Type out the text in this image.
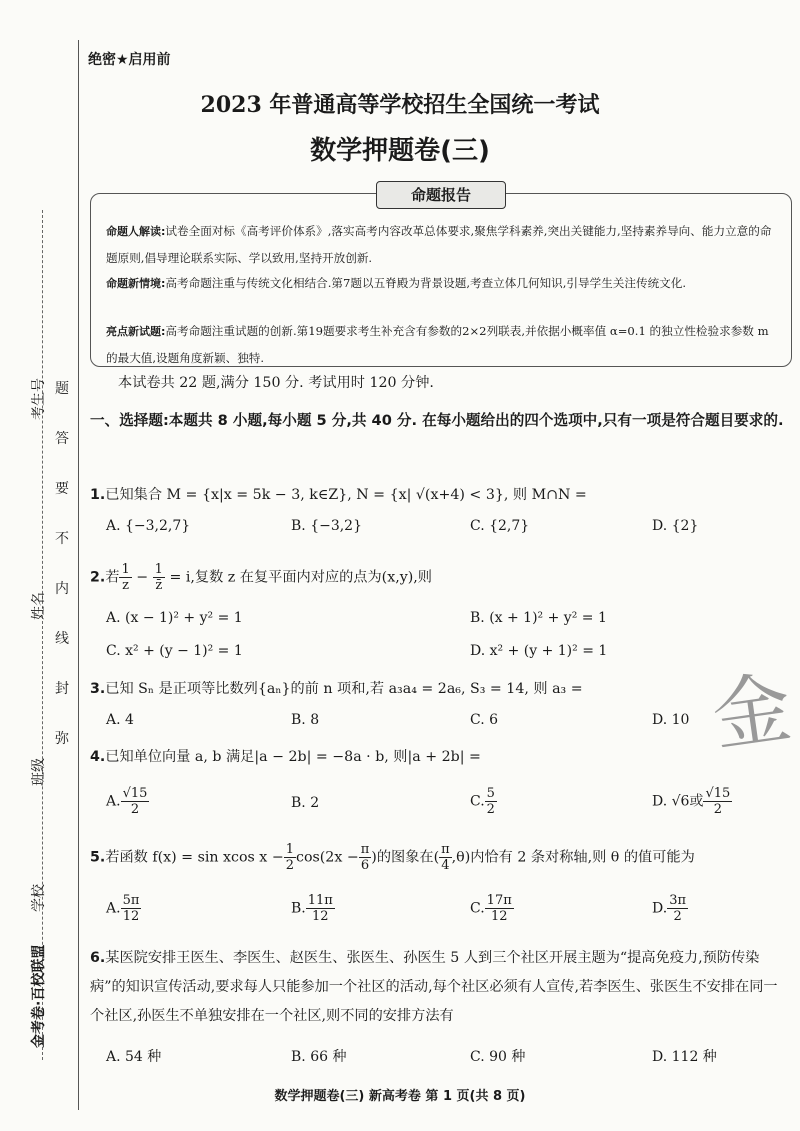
考生号
姓名
班级
学校
金考卷·百校联盟
题
答
要
不
内
线
封
弥
绝密★启用前
2023 年普通高等学校招生全国统一考试
数学押题卷(三)
命题报告
命题人解读:试卷全面对标《高考评价体系》,落实高考内容改革总体要求,聚焦学科素养,突出关键能力,坚持素养导向、能力立意的命题原则,倡导理论联系实际、学以致用,坚持开放创新.
命题新情境:高考命题注重与传统文化相结合.第7题以五脊殿为背景设题,考查立体几何知识,引导学生关注传统文化.
亮点新试题:高考命题注重试题的创新.第19题要求考生补充含有参数的2×2列联表,并依据小概率值 α=0.1 的独立性检验求参数 m 的最大值,设题角度新颖、独特.
本试卷共 22 题,满分 150 分. 考试用时 120 分钟.
一、选择题:本题共 8 小题,每小题 5 分,共 40 分. 在每小题给出的四个选项中,只有一项是符合题目要求的.
1.已知集合 M = {x|x = 5k − 3, k∈Z}, N = {x| √(x+4) < 3}, 则 M∩N =
A. {−3,2,7}	B. {−3,2}	C. {2,7}	D. {2}
2.若 $\frac{1}{z} - \frac{1}{z̄} = i$,复数 z 在复平面内对应的点为(x,y),则
A. (x − 1)² + y² = 1	B. (x + 1)² + y² = 1
C. x² + (y − 1)² = 1	D. x² + (y + 1)² = 1
3.已知 Sₙ 是正项等比数列{aₙ}的前 n 项和,若 a₃a₄ = 2a₆, S₃ = 14, 则 a₃ =
A. 4	B. 8	C. 6	D. 10
4.已知单位向量 a, b 满足|a − 2b| = −8a · b, 则|a + 2b| =
A. $\frac{√15}{2}$	B. 2	C. $\frac{5}{2}$	D. √6或 $\frac{√15}{2}$
5.若函数 f(x) = sin xcos $x - \frac{1}{2} \cos(2x - \frac{\pi}{6}$ )的图象在( $\frac{\pi}{4} ,\theta$)内恰有 2 条对称轴,则 θ 的值可能为
A. $\frac{5\pi}{12}$	B. $\frac{11\pi}{12}$	C. $\frac{17\pi}{12}$	D. $\frac{3\pi}{2}$
6.某医院安排王医生、李医生、赵医生、张医生、孙医生 5 人到三个社区开展主题为“提高免疫力,预防传染病”的知识宣传活动,要求每人只能参加一个社区的活动,每个社区必须有人宣传,若李医生、张医生不安排在同一个社区,孙医生不单独安排在一个社区,则不同的安排方法有
A. 54 种	B. 66 种	C. 90 种	D. 112 种
金
数学押题卷(三) 新高考卷 第 1 页(共 8 页)
